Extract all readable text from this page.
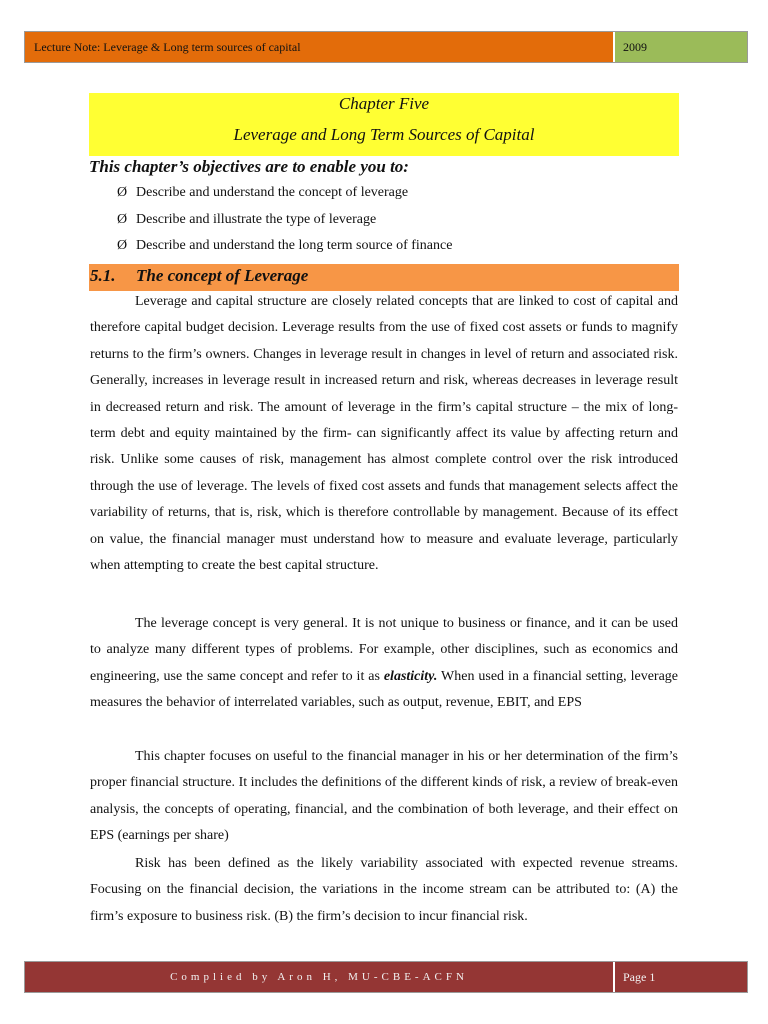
Lecture Note: Leverage & Long term sources of capital	2009
Chapter Five
Leverage and Long Term Sources of Capital
This chapter’s objectives are to enable you to:
Ø Describe and understand the concept of leverage
Ø Describe and illustrate the type of leverage
Ø Describe and understand the long term source of finance
5.1. The concept of Leverage
Leverage and capital structure are closely related concepts that are linked to cost of capital and therefore capital budget decision. Leverage results from the use of fixed cost assets or funds to magnify returns to the firm’s owners. Changes in leverage result in changes in level of return and associated risk. Generally, increases in leverage result in increased return and risk, whereas decreases in leverage result in decreased return and risk. The amount of leverage in the firm’s capital structure – the mix of long-term debt and equity maintained by the firm- can significantly affect its value by affecting return and risk. Unlike some causes of risk, management has almost complete control over the risk introduced through the use of leverage. The levels of fixed cost assets and funds that management selects affect the variability of returns, that is, risk, which is therefore controllable by management. Because of its effect on value, the financial manager must understand how to measure and evaluate leverage, particularly when attempting to create the best capital structure.
The leverage concept is very general. It is not unique to business or finance, and it can be used to analyze many different types of problems. For example, other disciplines, such as economics and engineering, use the same concept and refer to it as elasticity. When used in a financial setting, leverage measures the behavior of interrelated variables, such as output, revenue, EBIT, and EPS
This chapter focuses on useful to the financial manager in his or her determination of the firm’s proper financial structure. It includes the definitions of the different kinds of risk, a review of break-even analysis, the concepts of operating, financial, and the combination of both leverage, and their effect on EPS (earnings per share)
Risk has been defined as the likely variability associated with expected revenue streams. Focusing on the financial decision, the variations in the income stream can be attributed to: (A) the firm’s exposure to business risk. (B) the firm’s decision to incur financial risk.
Complied by Aron H, MU-CBE-ACFN	Page 1
